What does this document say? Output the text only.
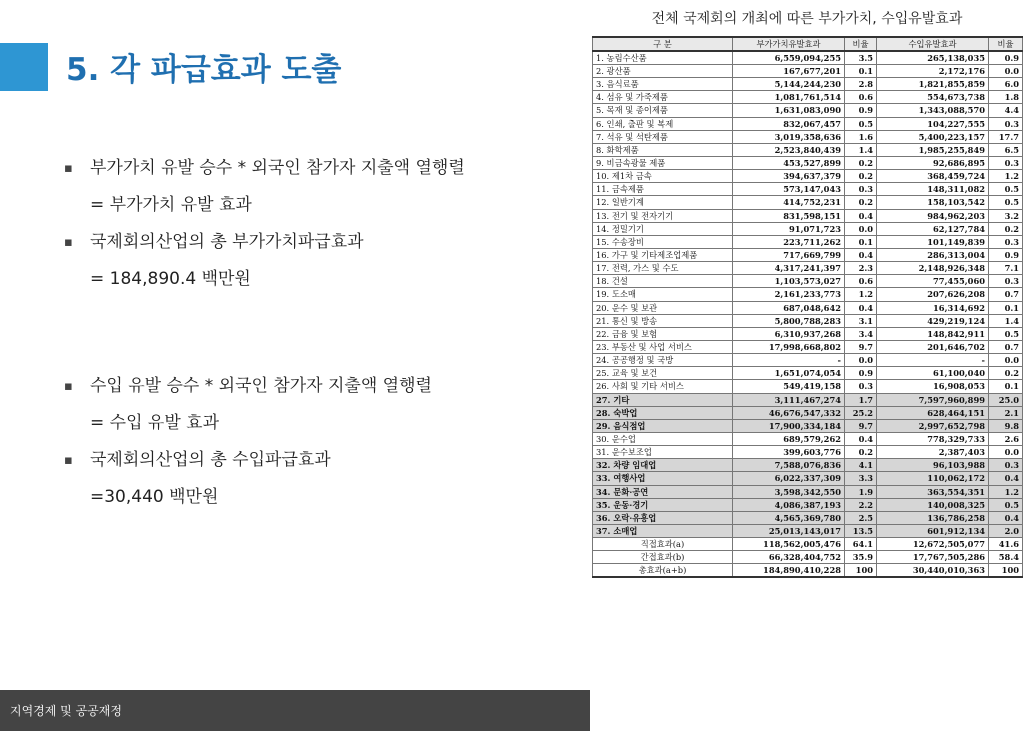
5. 각 파급효과 도출
▪ 부가가치 유발 승수 * 외국인 참가자 지출액 열행렬
= 부가가치 유발 효과
▪ 국제회의산업의 총 부가가치파급효과
= 184,890.4 백만원
▪ 수입 유발 승수 * 외국인 참가자 지출액 열행렬
= 수입 유발 효과
▪ 국제회의산업의 총 수입파급효과
=30,440 백만원
지역경제 및 공공재정
전체 국제회의 개최에 따른 부가가치, 수입유발효과
구 분	부가가치유발효과	비율	수입유발효과	비율
1. 농림수산품	6,559,094,255	3.5	265,138,035	0.9
2. 광산품	167,677,201	0.1	2,172,176	0.0
3. 음식료품	5,144,244,230	2.8	1,821,855,859	6.0
4. 섬유 및 가죽제품	1,081,761,514	0.6	554,673,738	1.8
5. 목재 및 종이제품	1,631,083,090	0.9	1,343,088,570	4.4
6. 인쇄, 출판 및 복제	832,067,457	0.5	104,227,555	0.3
7. 석유 및 석탄제품	3,019,358,636	1.6	5,400,223,157	17.7
8. 화학제품	2,523,840,439	1.4	1,985,255,849	6.5
9. 비금속광물 제품	453,527,899	0.2	92,686,895	0.3
10. 제1차 금속	394,637,379	0.2	368,459,724	1.2
11. 금속제품	573,147,043	0.3	148,311,082	0.5
12. 일반기계	414,752,231	0.2	158,103,542	0.5
13. 전기 및 전자기기	831,598,151	0.4	984,962,203	3.2
14. 정밀기기	91,071,723	0.0	62,127,784	0.2
15. 수송장비	223,711,262	0.1	101,149,839	0.3
16. 가구 및 기타제조업제품	717,669,799	0.4	286,313,004	0.9
17. 전력, 가스 및 수도	4,317,241,397	2.3	2,148,926,348	7.1
18. 건설	1,103,573,027	0.6	77,455,060	0.3
19. 도소매	2,161,233,773	1.2	207,626,208	0.7
20. 운수 및 보관	687,048,642	0.4	16,314,692	0.1
21. 통신 및 방송	5,800,788,283	3.1	429,219,124	1.4
22. 금융 및 보험	6,310,937,268	3.4	148,842,911	0.5
23. 부동산 및 사업 서비스	17,998,668,802	9.7	201,646,702	0.7
24. 공공행정 및 국방	-	0.0	-	0.0
25. 교육 및 보건	1,651,074,054	0.9	61,100,040	0.2
26. 사회 및 기타 서비스	549,419,158	0.3	16,908,053	0.1
27. 기타	3,111,467,274	1.7	7,597,960,899	25.0
28. 숙박업	46,676,547,332	25.2	628,464,151	2.1
29. 음식점업	17,900,334,184	9.7	2,997,652,798	9.8
30. 운수업	689,579,262	0.4	778,329,733	2.6
31. 운수보조업	399,603,776	0.2	2,387,403	0.0
32. 차량 임대업	7,588,076,836	4.1	96,103,988	0.3
33. 여행사업	6,022,337,309	3.3	110,062,172	0.4
34. 문화·공연	3,598,342,550	1.9	363,554,351	1.2
35. 운동·경기	4,086,387,193	2.2	140,008,325	0.5
36. 오락·유흥업	4,565,369,780	2.5	136,786,258	0.4
37. 소매업	25,013,143,017	13.5	601,912,134	2.0
직접효과(a)	118,562,005,476	64.1	12,672,505,077	41.6
간접효과(b)	66,328,404,752	35.9	17,767,505,286	58.4
총효과(a+b)	184,890,410,228	100	30,440,010,363	100
